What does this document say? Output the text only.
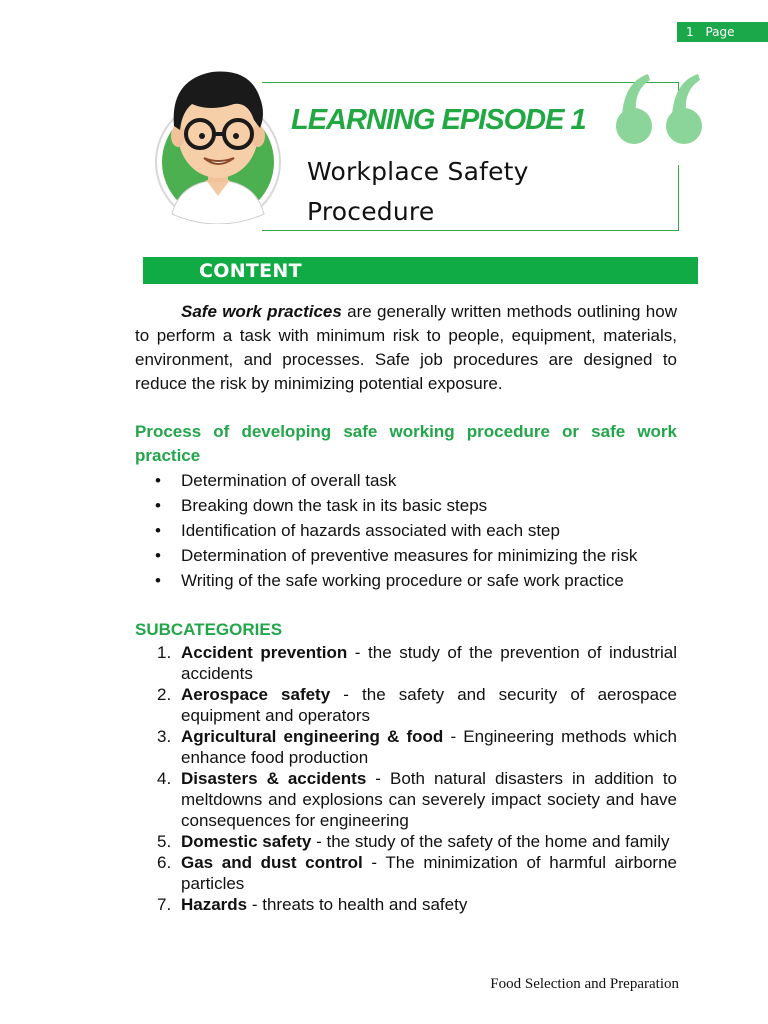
1 Page
LEARNING EPISODE 1
Workplace Safety Procedure
CONTENT

Safe work practices are generally written methods outlining how to perform a task with minimum risk to people, equipment, materials, environment, and processes. Safe job procedures are designed to reduce the risk by minimizing potential exposure.

Process of developing safe working procedure or safe work practice

• Determination of overall task
• Breaking down the task in its basic steps
• Identification of hazards associated with each step
• Determination of preventive measures for minimizing the risk
• Writing of the safe working procedure or safe work practice

SUBCATEGORIES

1. Accident prevention - the study of the prevention of industrial accidents
2. Aerospace safety - the safety and security of aerospace equipment and operators
3. Agricultural engineering & food - Engineering methods which enhance food production
4. Disasters & accidents - Both natural disasters in addition to meltdowns and explosions can severely impact society and have consequences for engineering
5. Domestic safety - the study of the safety of the home and family
6. Gas and dust control - The minimization of harmful airborne particles
7. Hazards - threats to health and safety
Food Selection and Preparation
